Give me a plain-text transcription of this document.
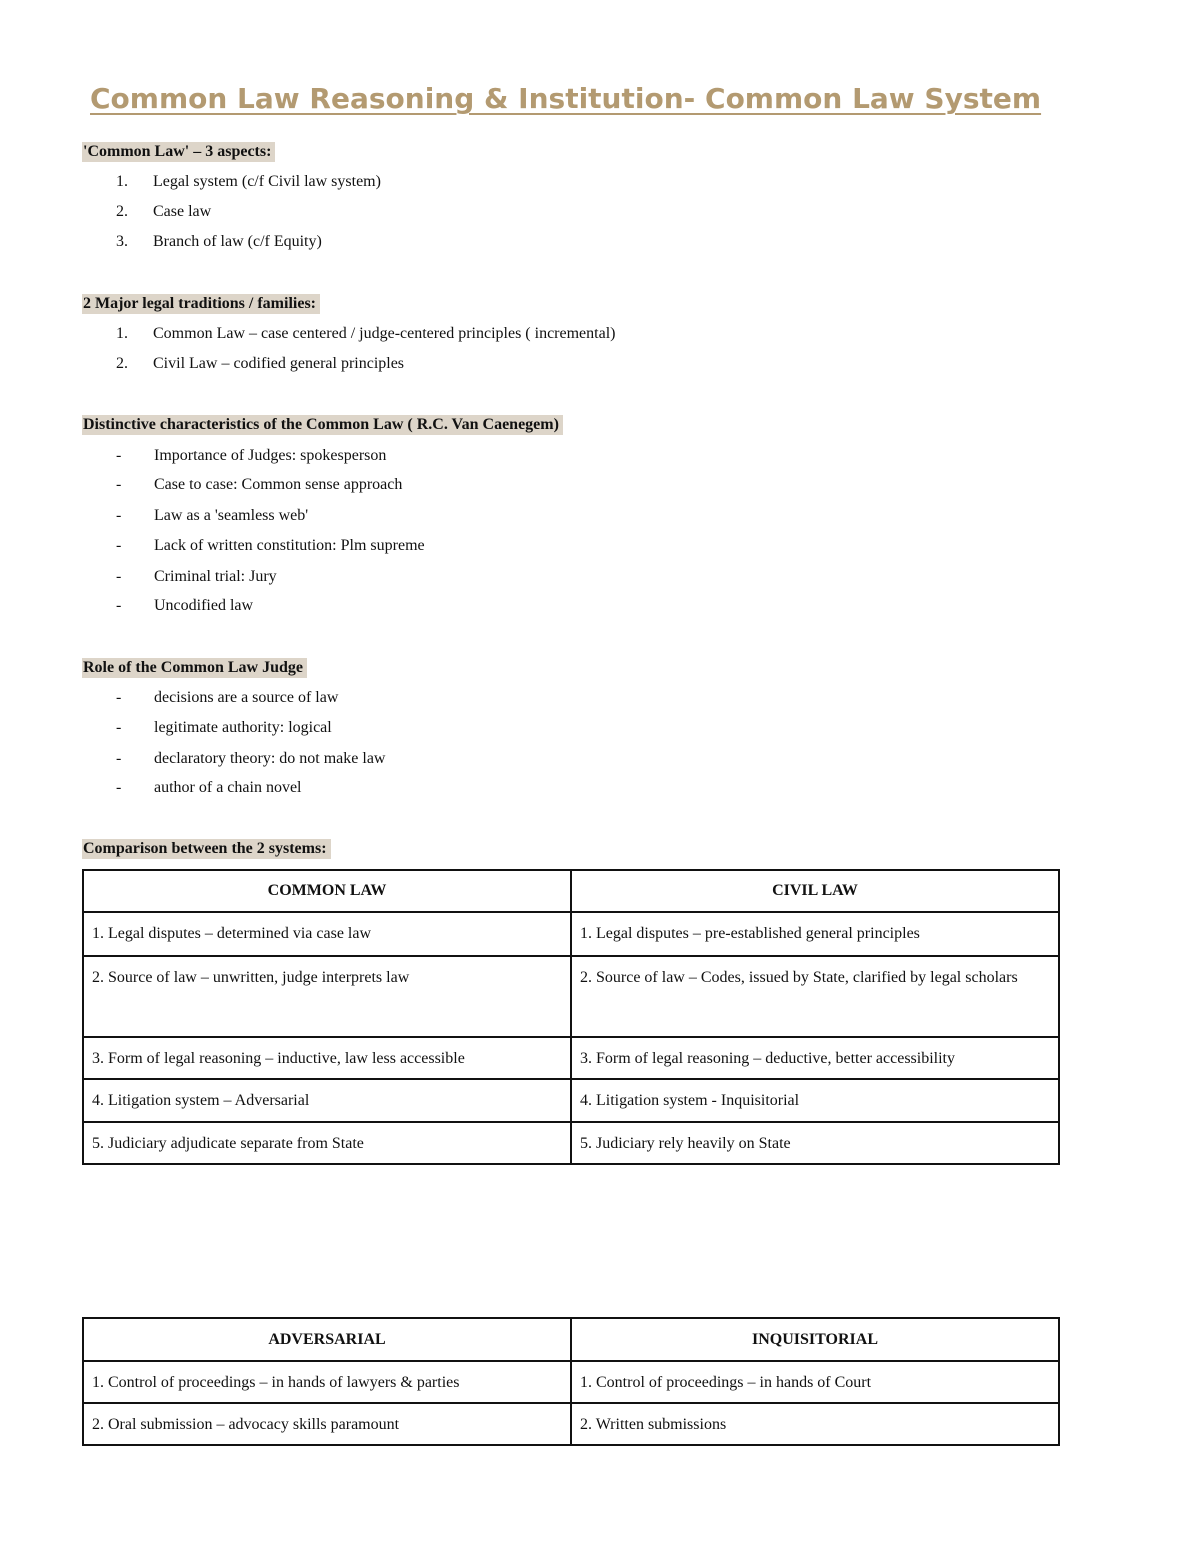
Common Law Reasoning & Institution- Common Law System
'Common Law' – 3 aspects:
1. Legal system (c/f Civil law system)
2. Case law
3. Branch of law (c/f Equity)
2 Major legal traditions / families:
1. Common Law – case centered / judge-centered principles ( incremental)
2. Civil Law – codified general principles
Distinctive characteristics of the Common Law ( R.C. Van Caenegem)
- Importance of Judges: spokesperson
- Case to case: Common sense approach
- Law as a 'seamless web'
- Lack of written constitution: Plm supreme
- Criminal trial: Jury
- Uncodified law
Role of the Common Law Judge
- decisions are a source of law
- legitimate authority: logical
- declaratory theory: do not make law
- author of a chain novel
Comparison between the 2 systems:
COMMON LAW	CIVIL LAW
1. Legal disputes – determined via case law	1. Legal disputes – pre-established general principles
2. Source of law – unwritten, judge interprets law	2. Source of law – Codes, issued by State, clarified by legal scholars
3. Form of legal reasoning – inductive, law less accessible	3. Form of legal reasoning – deductive, better accessibility
4. Litigation system – Adversarial	4. Litigation system - Inquisitorial
5. Judiciary adjudicate separate from State	5. Judiciary rely heavily on State
ADVERSARIAL	INQUISITORIAL
1. Control of proceedings – in hands of lawyers & parties	1. Control of proceedings – in hands of Court
2. Oral submission – advocacy skills paramount	2. Written submissions
